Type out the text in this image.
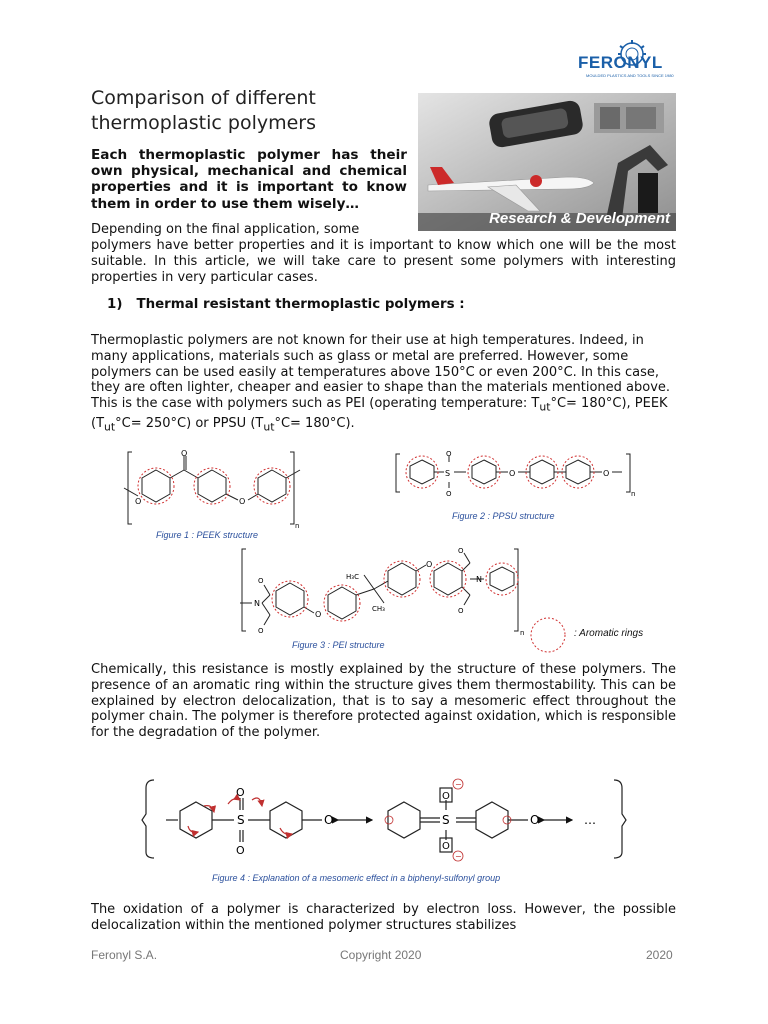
FERONYL
MOULDED PLASTICS AND TOOLS SINCE 1980
Comparison of different thermoplastic polymers
Each thermoplastic polymer has their own physical, mechanical and chemical properties and it is important to know them in order to use them wisely…
Research & Development
Depending on the final application, some
polymers have better properties and it is important to know which one will be the most suitable. In this article, we will take care to present some polymers with interesting properties in very particular cases.
1) Thermal resistant thermoplastic polymers :
Thermoplastic polymers are not known for their use at high temperatures. Indeed, in many applications, materials such as glass or metal are preferred. However, some polymers can be used easily at temperatures above 150°C or even 200°C. In this case, they are often lighter, cheaper and easier to shape than the materials mentioned above. This is the case with polymers such as PEI (operating temperature: $T_{ut}^\circ C= 180^\circ C$), PEEK $(T_{ut}^\circ C= 250^\circ C)$ or PPSU $(T_{ut}^\circ C= 180^\circ C)$.
O
O
O
n
Figure 1 : PEEK structure
S
O
O
O	O
n
Figure 2 : PPSU structure
N
O
O
O
H₃C
CH₃
O
O
O
N
n
Figure 3 : PEI structure
: Aromatic rings
Chemically, this resistance is mostly explained by the structure of these polymers. The presence of an aromatic ring within the structure gives them thermostability. This can be explained by electron delocalization, that is to say a mesomeric effect throughout the polymer chain. The polymer is therefore protected against oxidation, which is responsible for the degradation of the polymer.
S
O
O
O	S
O
O
−
−
O	…
Figure 4 : Explanation of a mesomeric effect in a biphenyl-sulfonyl group
The oxidation of a polymer is characterized by electron loss. However, the possible delocalization within the mentioned polymer structures stabilizes
Feronyl S.A.	Copyright 2020	2020
